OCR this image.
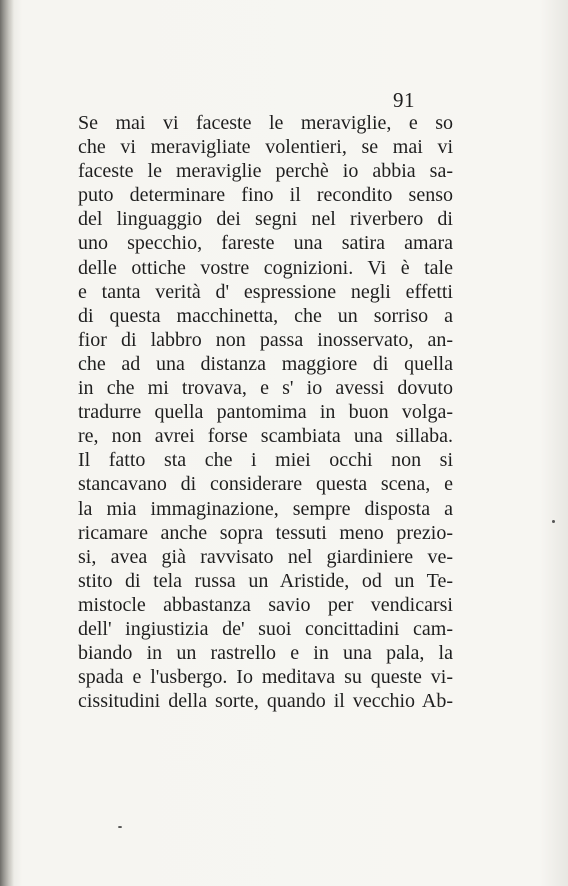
91
Se mai vi faceste le meraviglie, e so
che vi meravigliate volentieri, se mai vi
faceste le meraviglie perchè io abbia sa-
puto determinare fino il recondito senso
del linguaggio dei segni nel riverbero di
uno specchio, fareste una satira amara
delle ottiche vostre cognizioni. Vi è tale
e tanta verità d' espressione negli effetti
di questa macchinetta, che un sorriso a
fior di labbro non passa inosservato, an-
che ad una distanza maggiore di quella
in che mi trovava, e s' io avessi dovuto
tradurre quella pantomima in buon volga-
re, non avrei forse scambiata una sillaba.
Il fatto sta che i miei occhi non si
stancavano di considerare questa scena, e
la mia immaginazione, sempre disposta a
ricamare anche sopra tessuti meno prezio-
si, avea già ravvisato nel giardiniere ve-
stito di tela russa un Aristide, od un Te-
mistocle abbastanza savio per vendicarsi
dell' ingiustizia de' suoi concittadini cam-
biando in un rastrello e in una pala, la
spada e l'usbergo. Io meditava su queste vi-
cissitudini della sorte, quando il vecchio Ab-
